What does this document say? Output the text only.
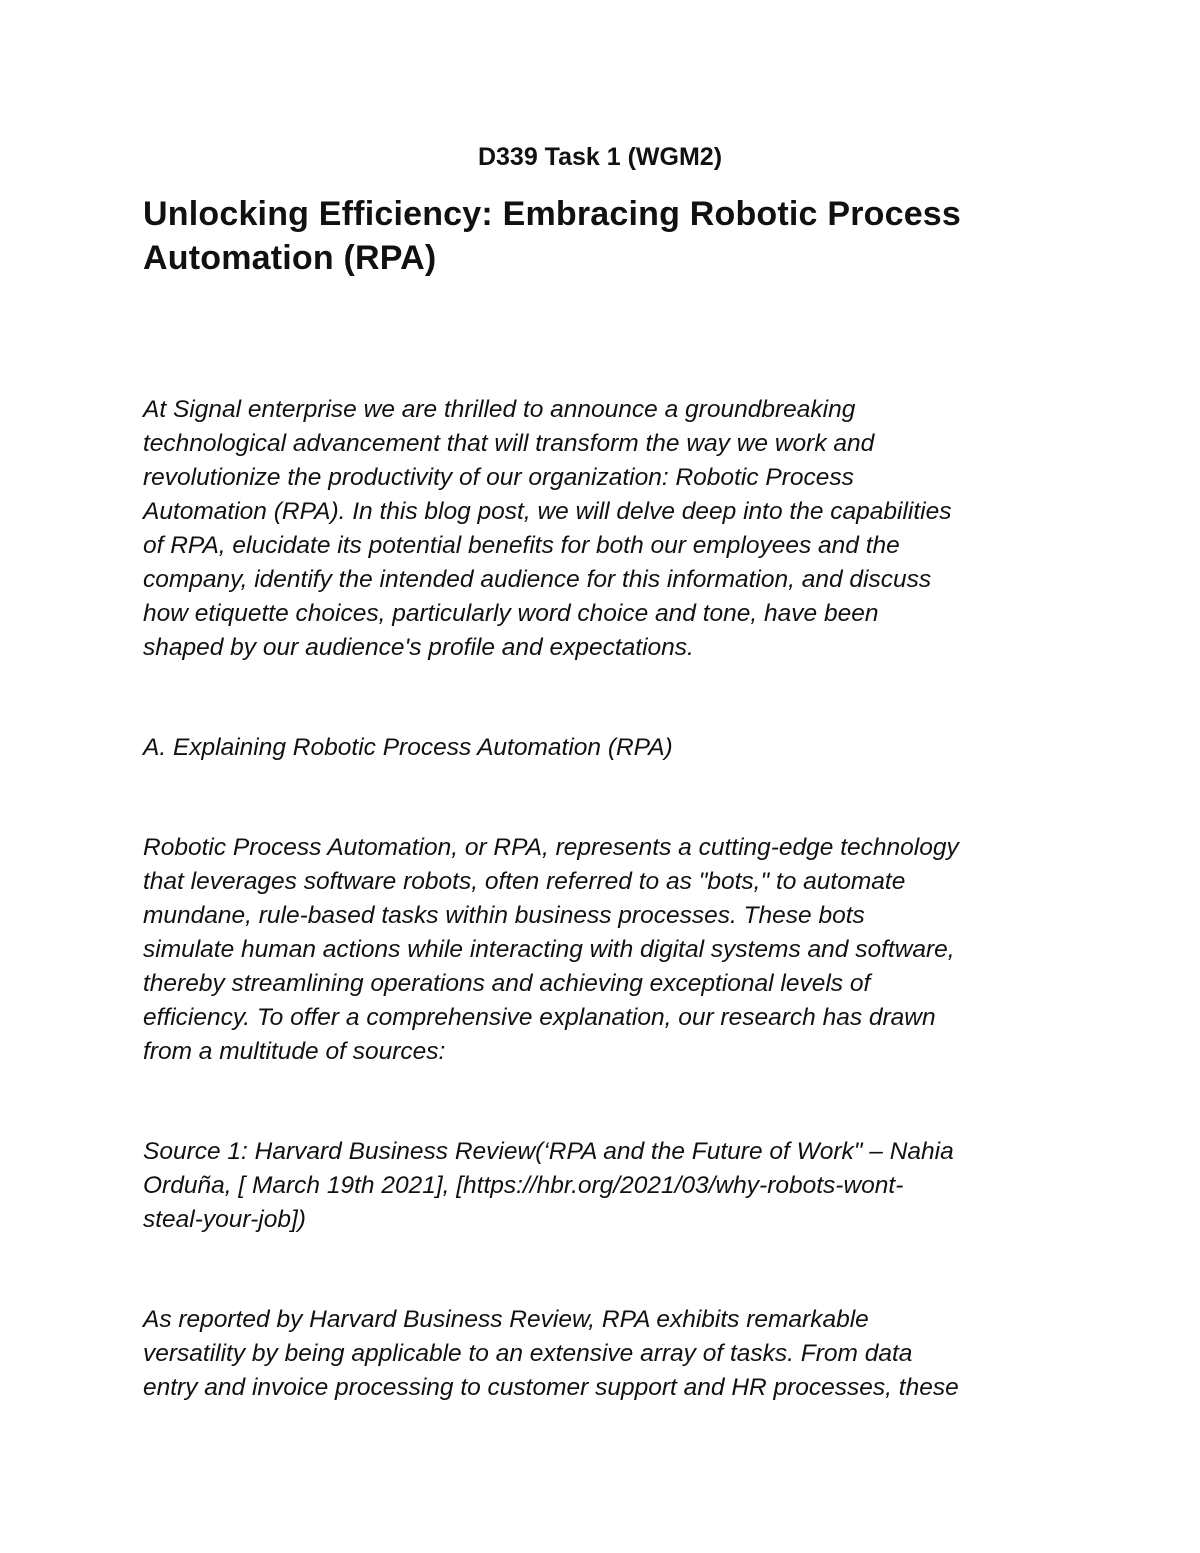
D339 Task 1 (WGM2)
Unlocking Efficiency: Embracing Robotic Process
Automation (RPA)

At Signal enterprise we are thrilled to announce a groundbreaking
technological advancement that will transform the way we work and
revolutionize the productivity of our organization: Robotic Process
Automation (RPA). In this blog post, we will delve deep into the capabilities
of RPA, elucidate its potential benefits for both our employees and the
company, identify the intended audience for this information, and discuss
how etiquette choices, particularly word choice and tone, have been
shaped by our audience's profile and expectations.

A. Explaining Robotic Process Automation (RPA)

Robotic Process Automation, or RPA, represents a cutting-edge technology
that leverages software robots, often referred to as "bots," to automate
mundane, rule-based tasks within business processes. These bots
simulate human actions while interacting with digital systems and software,
thereby streamlining operations and achieving exceptional levels of
efficiency. To offer a comprehensive explanation, our research has drawn
from a multitude of sources:

Source 1: Harvard Business Review(‘RPA and the Future of Work" – Nahia
Orduña, [ March 19th 2021], [https://hbr.org/2021/03/why-robots-wont-
steal-your-job])

As reported by Harvard Business Review, RPA exhibits remarkable
versatility by being applicable to an extensive array of tasks. From data
entry and invoice processing to customer support and HR processes, these
